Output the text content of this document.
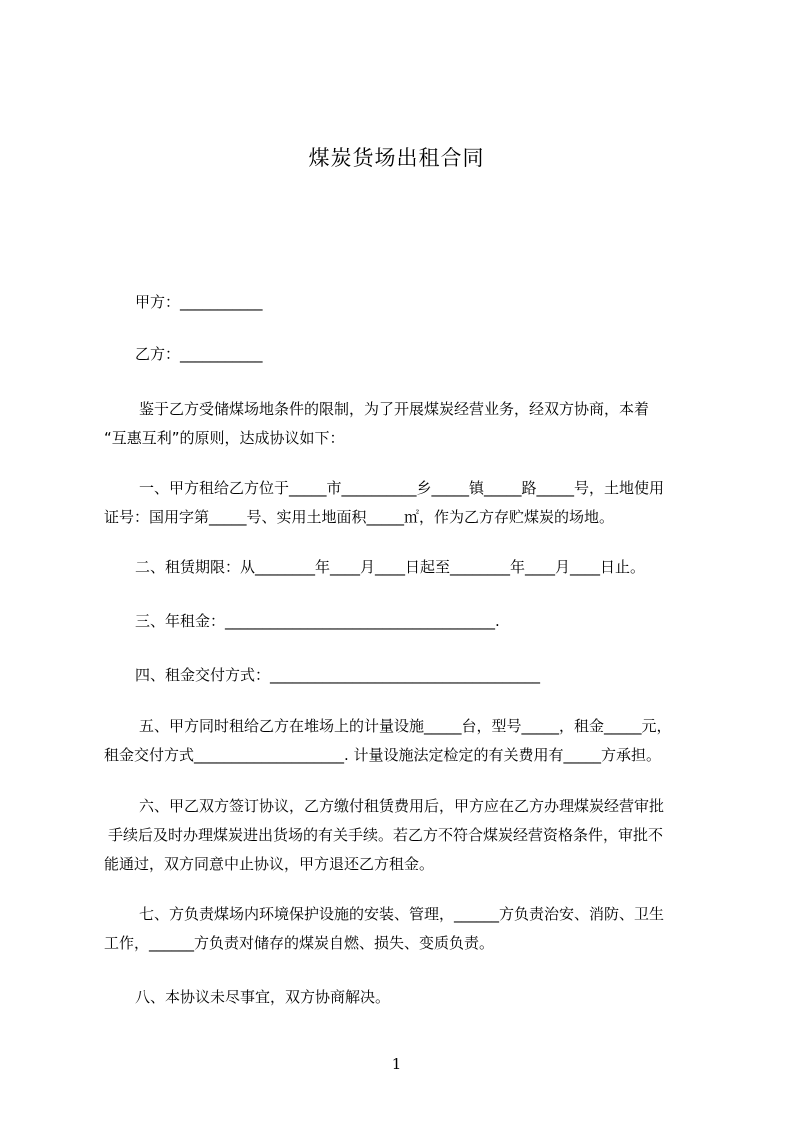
煤炭货场出租合同
甲方：___________
乙方：___________
鉴于乙方受储煤场地条件的限制，为了开展煤炭经营业务，经双方协商，本着
“互惠互利”的原则，达成协议如下：
一、甲方租给乙方位于_____市__________乡_____镇_____路_____号，土地使用
证号：国用字第_____号、实用土地面积_____㎡，作为乙方存贮煤炭的场地。
二、租赁期限：从________年____月____日起至________年____月____日止。
三、年租金：____________________________________.
四、租金交付方式：____________________________________
五、甲方同时租给乙方在堆场上的计量设施_____台，型号_____，租金_____元，
租金交付方式____________________. 计量设施法定检定的有关费用有_____方承担。
六、甲乙双方签订协议，乙方缴付租赁费用后，甲方应在乙方办理煤炭经营审批
手续后及时办理煤炭进出货场的有关手续。若乙方不符合煤炭经营资格条件，审批不
能通过，双方同意中止协议，甲方退还乙方租金。
七、方负责煤场内环境保护设施的安装、管理，______方负责治安、消防、卫生
工作，______方负责对储存的煤炭自燃、损失、变质负责。
八、本协议未尽事宜，双方协商解决。
1
